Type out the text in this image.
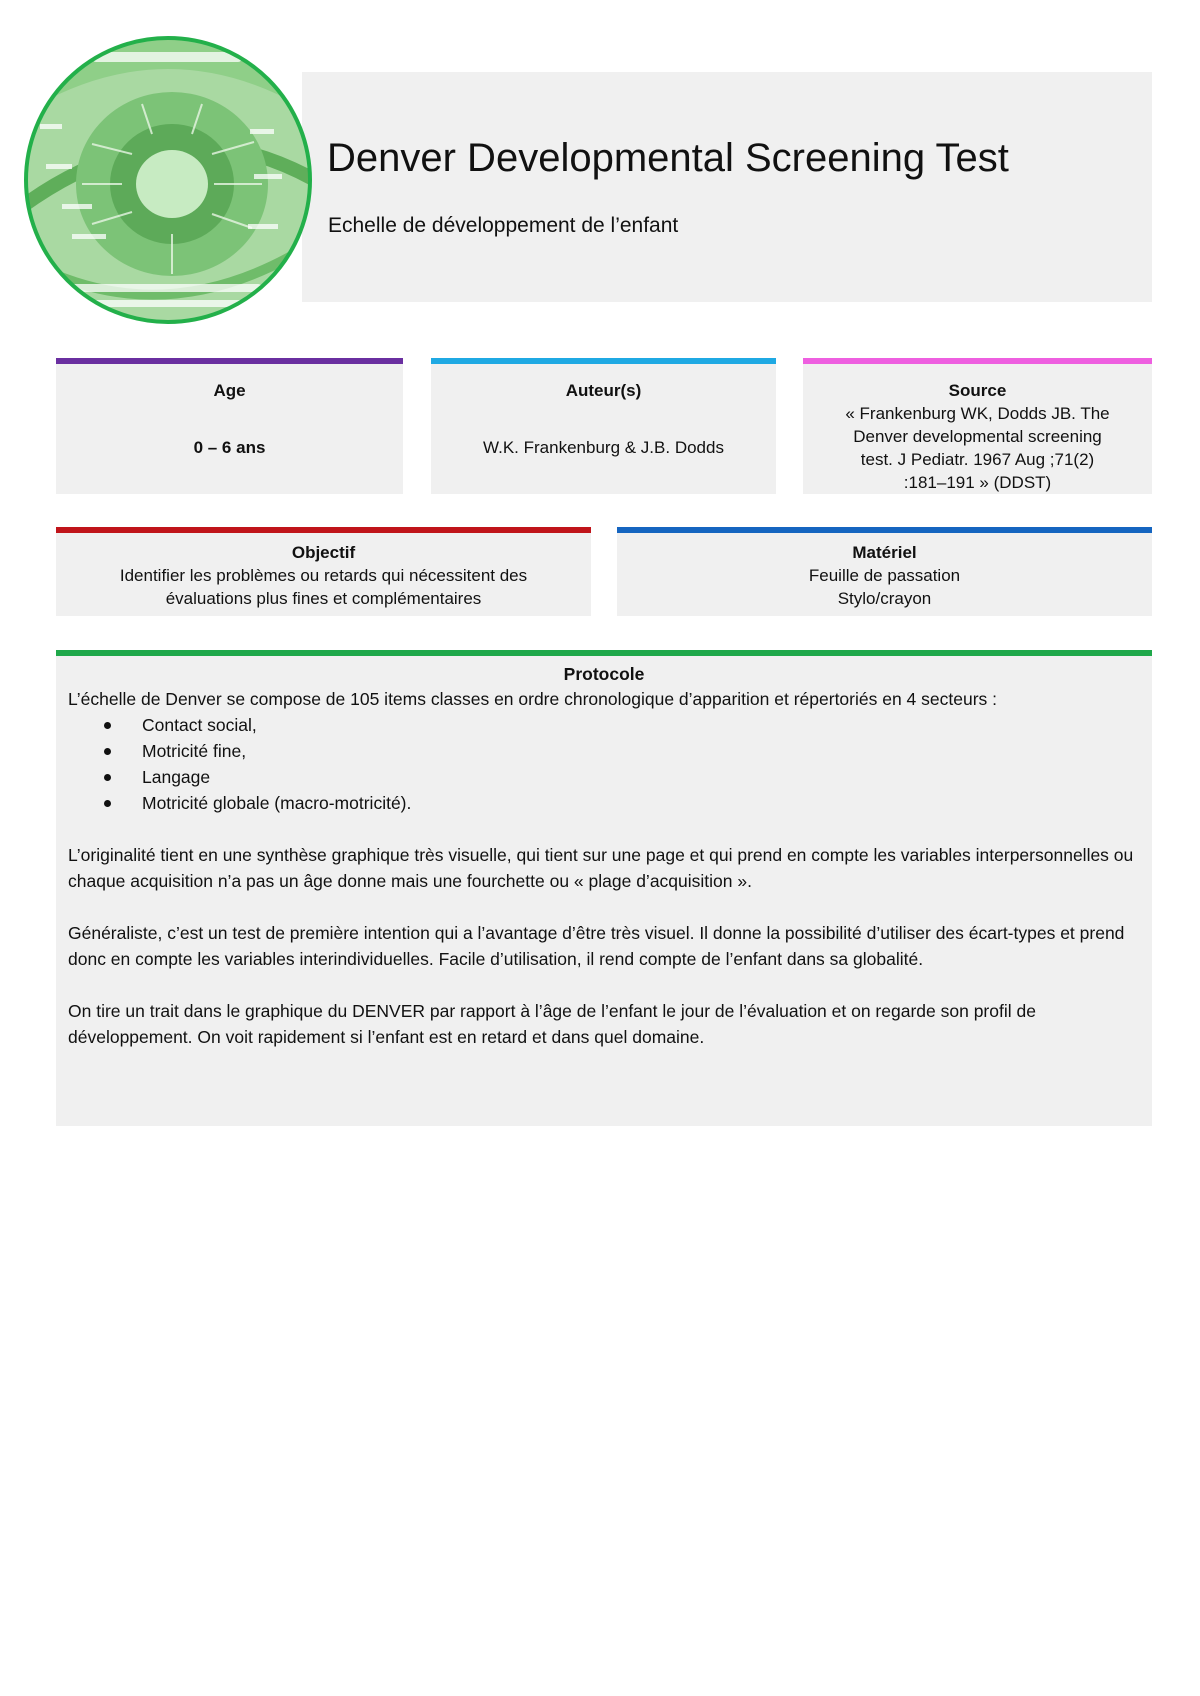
Denver Developmental Screening Test
Echelle de développement de l’enfant
Age
0 – 6 ans
Auteur(s)
W.K. Frankenburg & J.B. Dodds
Source
« Frankenburg WK, Dodds JB. The
Denver developmental screening
test. J Pediatr. 1967 Aug ;71(2)
:181–191 » (DDST)
Objectif
Identifier les problèmes ou retards qui nécessitent des
évaluations plus fines et complémentaires
Matériel
Feuille de passation
Stylo/crayon
Protocole

L’échelle de Denver se compose de 105 items classes en ordre chronologique d’apparition et répertoriés en 4 secteurs :

Contact social,
Motricité fine,
Langage
Motricité globale (macro-motricité).

L’originalité tient en une synthèse graphique très visuelle, qui tient sur une page et qui prend en compte les variables interpersonnelles ou chaque acquisition n’a pas un âge donne mais une fourchette ou « plage d’acquisition ».

Généraliste, c’est un test de première intention qui a l’avantage d’être très visuel. Il donne la possibilité d’utiliser des écart-types et prend donc en compte les variables interindividuelles. Facile d’utilisation, il rend compte de l’enfant dans sa globalité.

On tire un trait dans le graphique du DENVER par rapport à l’âge de l’enfant le jour de l’évaluation et on regarde son profil de développement. On voit rapidement si l’enfant est en retard et dans quel domaine.
